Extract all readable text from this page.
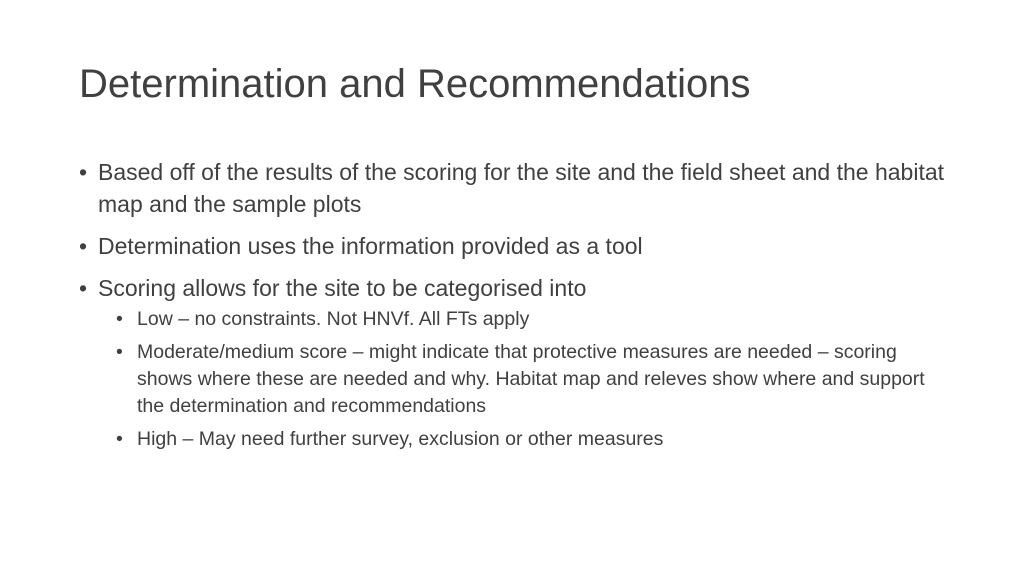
Determination and Recommendations
• Based off of the results of the scoring for the site and the field sheet and the habitat map and the sample plots
• Determination uses the information provided as a tool
• Scoring allows for the site to be categorised into
• Low – no constraints. Not HNVf. All FTs apply
• Moderate/medium score – might indicate that protective measures are needed – scoring shows where these are needed and why. Habitat map and releves show where and support the determination and recommendations
• High – May need further survey, exclusion or other measures
